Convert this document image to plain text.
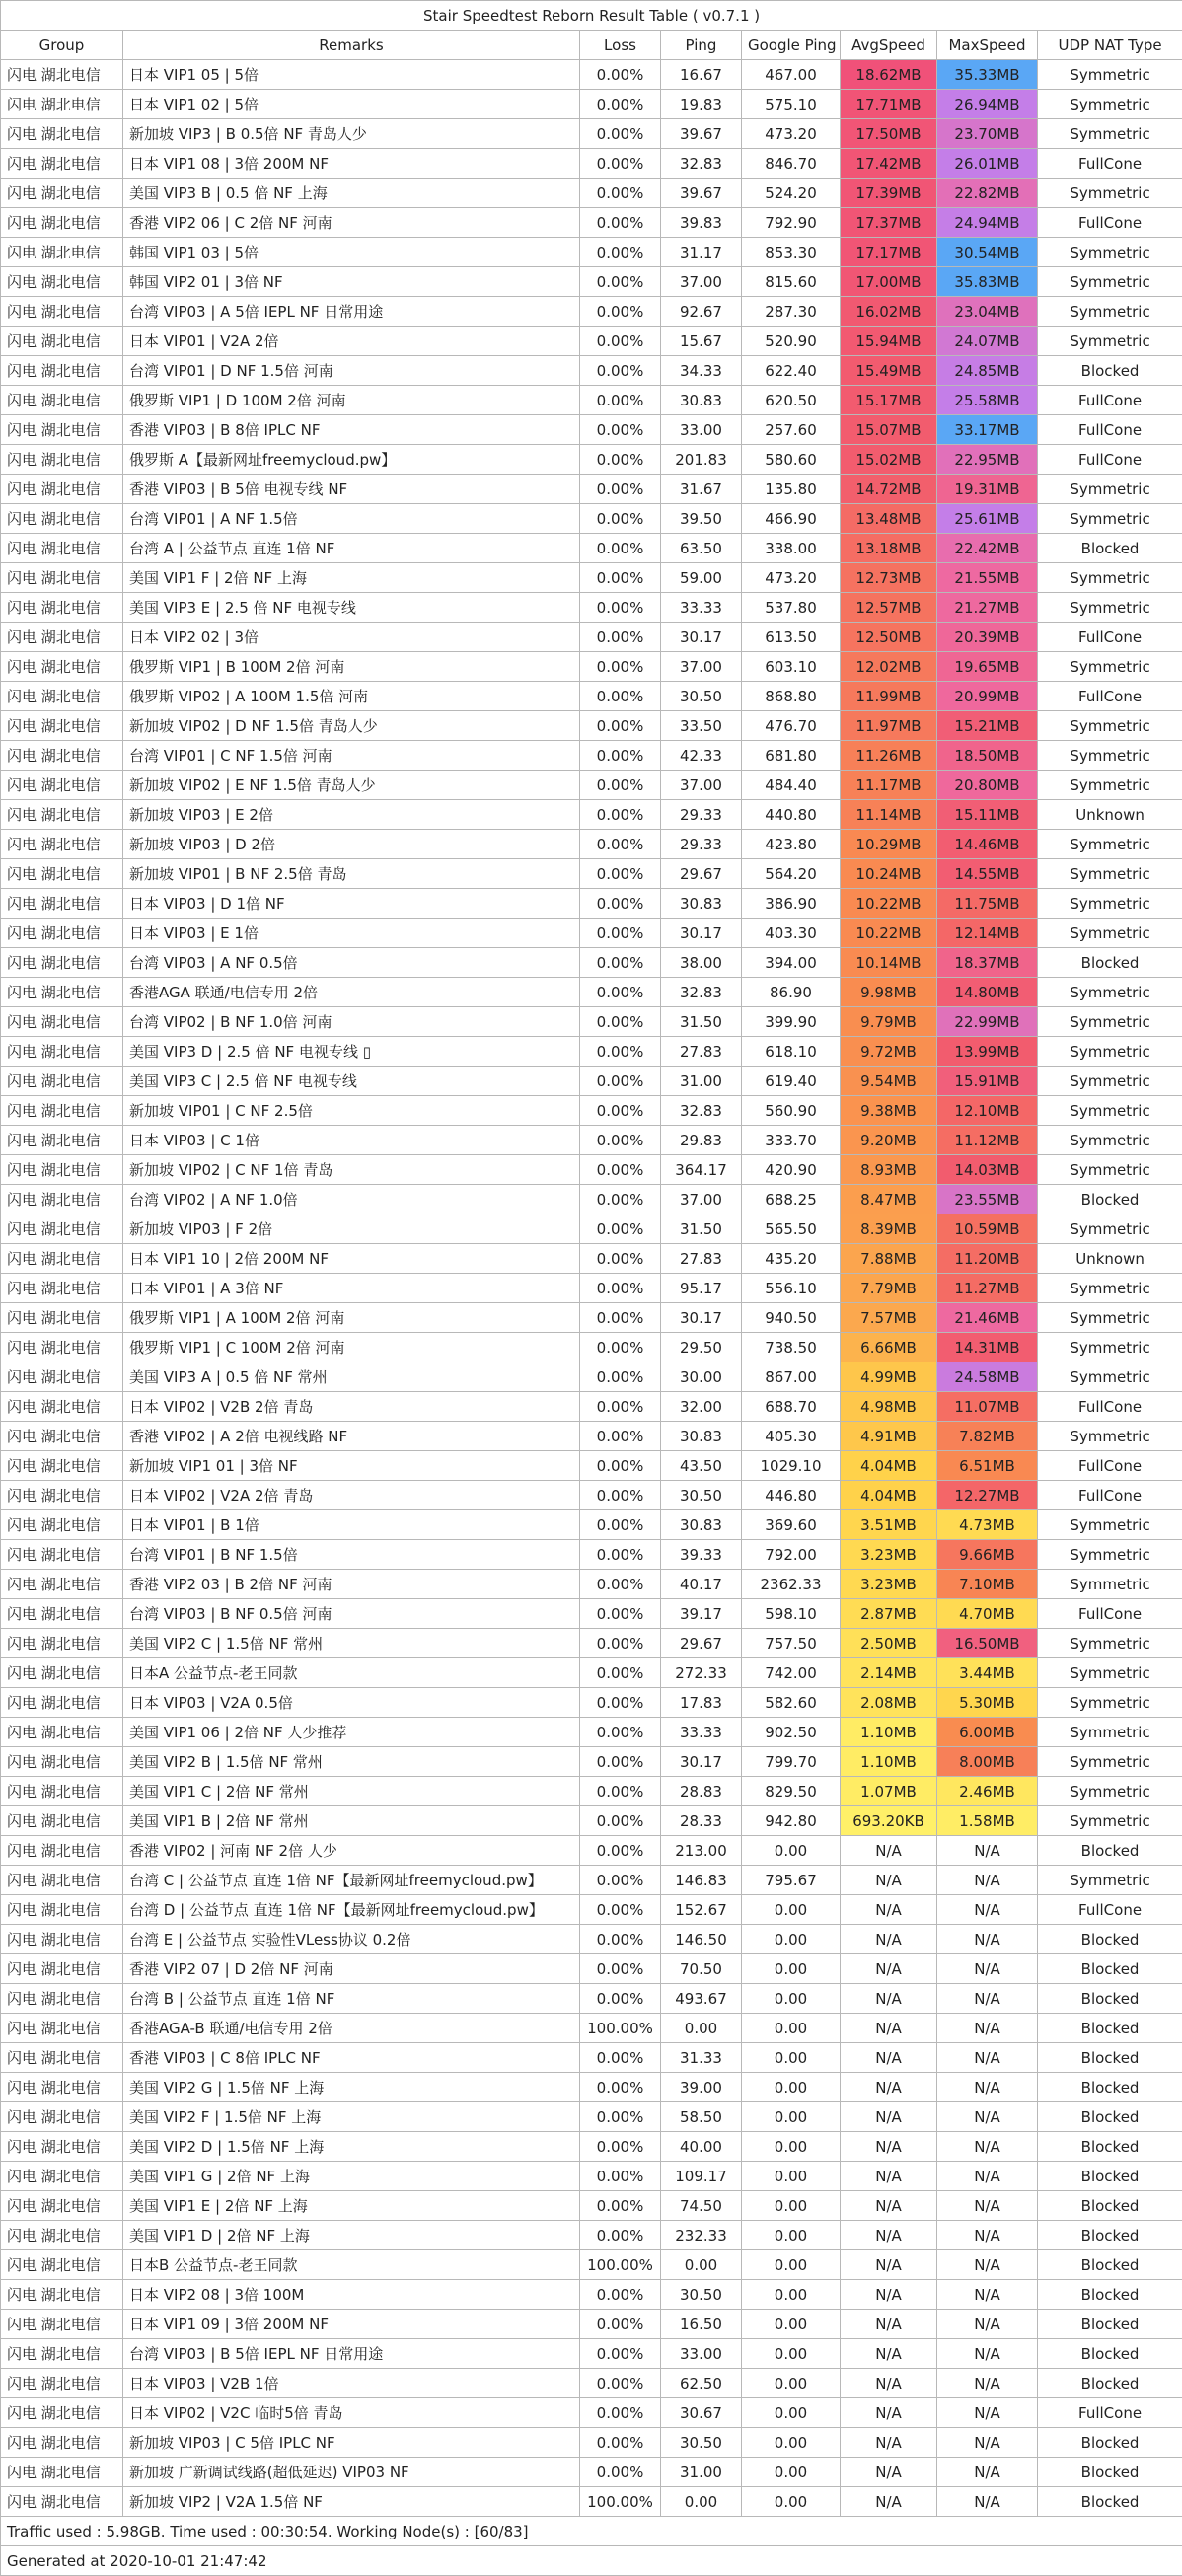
Stair Speedtest Reborn Result Table ( v0.7.1 )							
Group	Remarks	Loss	Ping	Google Ping	AvgSpeed	MaxSpeed	UDP NAT Type
闪电 湖北电信	日本 VIP1 05 | 5倍	0.00%	16.67	467.00	18.62MB	35.33MB	Symmetric
闪电 湖北电信	日本 VIP1 02 | 5倍	0.00%	19.83	575.10	17.71MB	26.94MB	Symmetric
闪电 湖北电信	新加坡 VIP3 | B 0.5倍 NF 青岛人少	0.00%	39.67	473.20	17.50MB	23.70MB	Symmetric
闪电 湖北电信	日本 VIP1 08 | 3倍 200M NF	0.00%	32.83	846.70	17.42MB	26.01MB	FullCone
闪电 湖北电信	美国 VIP3 B | 0.5 倍 NF 上海	0.00%	39.67	524.20	17.39MB	22.82MB	Symmetric
闪电 湖北电信	香港 VIP2 06 | C 2倍 NF 河南	0.00%	39.83	792.90	17.37MB	24.94MB	FullCone
闪电 湖北电信	韩国 VIP1 03 | 5倍	0.00%	31.17	853.30	17.17MB	30.54MB	Symmetric
闪电 湖北电信	韩国 VIP2 01 | 3倍 NF	0.00%	37.00	815.60	17.00MB	35.83MB	Symmetric
闪电 湖北电信	台湾 VIP03 | A 5倍 IEPL NF 日常用途	0.00%	92.67	287.30	16.02MB	23.04MB	Symmetric
闪电 湖北电信	日本 VIP01 | V2A 2倍	0.00%	15.67	520.90	15.94MB	24.07MB	Symmetric
闪电 湖北电信	台湾 VIP01 | D NF 1.5倍 河南	0.00%	34.33	622.40	15.49MB	24.85MB	Blocked
闪电 湖北电信	俄罗斯 VIP1 | D 100M 2倍 河南	0.00%	30.83	620.50	15.17MB	25.58MB	FullCone
闪电 湖北电信	香港 VIP03 | B 8倍 IPLC NF	0.00%	33.00	257.60	15.07MB	33.17MB	FullCone
闪电 湖北电信	俄罗斯 A【最新网址freemycloud.pw】	0.00%	201.83	580.60	15.02MB	22.95MB	FullCone
闪电 湖北电信	香港 VIP03 | B 5倍 电视专线 NF	0.00%	31.67	135.80	14.72MB	19.31MB	Symmetric
闪电 湖北电信	台湾 VIP01 | A NF 1.5倍	0.00%	39.50	466.90	13.48MB	25.61MB	Symmetric
闪电 湖北电信	台湾 A | 公益节点 直连 1倍 NF	0.00%	63.50	338.00	13.18MB	22.42MB	Blocked
闪电 湖北电信	美国 VIP1 F | 2倍 NF 上海	0.00%	59.00	473.20	12.73MB	21.55MB	Symmetric
闪电 湖北电信	美国 VIP3 E | 2.5 倍 NF 电视专线	0.00%	33.33	537.80	12.57MB	21.27MB	Symmetric
闪电 湖北电信	日本 VIP2 02 | 3倍	0.00%	30.17	613.50	12.50MB	20.39MB	FullCone
闪电 湖北电信	俄罗斯 VIP1 | B 100M 2倍 河南	0.00%	37.00	603.10	12.02MB	19.65MB	Symmetric
闪电 湖北电信	俄罗斯 VIP02 | A 100M 1.5倍 河南	0.00%	30.50	868.80	11.99MB	20.99MB	FullCone
闪电 湖北电信	新加坡 VIP02 | D NF 1.5倍 青岛人少	0.00%	33.50	476.70	11.97MB	15.21MB	Symmetric
闪电 湖北电信	台湾 VIP01 | C NF 1.5倍 河南	0.00%	42.33	681.80	11.26MB	18.50MB	Symmetric
闪电 湖北电信	新加坡 VIP02 | E NF 1.5倍 青岛人少	0.00%	37.00	484.40	11.17MB	20.80MB	Symmetric
闪电 湖北电信	新加坡 VIP03 | E 2倍	0.00%	29.33	440.80	11.14MB	15.11MB	Unknown
闪电 湖北电信	新加坡 VIP03 | D 2倍	0.00%	29.33	423.80	10.29MB	14.46MB	Symmetric
闪电 湖北电信	新加坡 VIP01 | B NF 2.5倍 青岛	0.00%	29.67	564.20	10.24MB	14.55MB	Symmetric
闪电 湖北电信	日本 VIP03 | D 1倍 NF	0.00%	30.83	386.90	10.22MB	11.75MB	Symmetric
闪电 湖北电信	日本 VIP03 | E 1倍	0.00%	30.17	403.30	10.22MB	12.14MB	Symmetric
闪电 湖北电信	台湾 VIP03 | A NF 0.5倍	0.00%	38.00	394.00	10.14MB	18.37MB	Blocked
闪电 湖北电信	香港AGA 联通/电信专用 2倍	0.00%	32.83	86.90	9.98MB	14.80MB	Symmetric
闪电 湖北电信	台湾 VIP02 | B NF 1.0倍 河南	0.00%	31.50	399.90	9.79MB	22.99MB	Symmetric
闪电 湖北电信	美国 VIP3 D | 2.5 倍 NF 电视专线 ▯	0.00%	27.83	618.10	9.72MB	13.99MB	Symmetric
闪电 湖北电信	美国 VIP3 C | 2.5 倍 NF 电视专线	0.00%	31.00	619.40	9.54MB	15.91MB	Symmetric
闪电 湖北电信	新加坡 VIP01 | C NF 2.5倍	0.00%	32.83	560.90	9.38MB	12.10MB	Symmetric
闪电 湖北电信	日本 VIP03 | C 1倍	0.00%	29.83	333.70	9.20MB	11.12MB	Symmetric
闪电 湖北电信	新加坡 VIP02 | C NF 1倍 青岛	0.00%	364.17	420.90	8.93MB	14.03MB	Symmetric
闪电 湖北电信	台湾 VIP02 | A NF 1.0倍	0.00%	37.00	688.25	8.47MB	23.55MB	Blocked
闪电 湖北电信	新加坡 VIP03 | F 2倍	0.00%	31.50	565.50	8.39MB	10.59MB	Symmetric
闪电 湖北电信	日本 VIP1 10 | 2倍 200M NF	0.00%	27.83	435.20	7.88MB	11.20MB	Unknown
闪电 湖北电信	日本 VIP01 | A 3倍 NF	0.00%	95.17	556.10	7.79MB	11.27MB	Symmetric
闪电 湖北电信	俄罗斯 VIP1 | A 100M 2倍 河南	0.00%	30.17	940.50	7.57MB	21.46MB	Symmetric
闪电 湖北电信	俄罗斯 VIP1 | C 100M 2倍 河南	0.00%	29.50	738.50	6.66MB	14.31MB	Symmetric
闪电 湖北电信	美国 VIP3 A | 0.5 倍 NF 常州	0.00%	30.00	867.00	4.99MB	24.58MB	Symmetric
闪电 湖北电信	日本 VIP02 | V2B 2倍 青岛	0.00%	32.00	688.70	4.98MB	11.07MB	FullCone
闪电 湖北电信	香港 VIP02 | A 2倍 电视线路 NF	0.00%	30.83	405.30	4.91MB	7.82MB	Symmetric
闪电 湖北电信	新加坡 VIP1 01 | 3倍 NF	0.00%	43.50	1029.10	4.04MB	6.51MB	FullCone
闪电 湖北电信	日本 VIP02 | V2A 2倍 青岛	0.00%	30.50	446.80	4.04MB	12.27MB	FullCone
闪电 湖北电信	日本 VIP01 | B 1倍	0.00%	30.83	369.60	3.51MB	4.73MB	Symmetric
闪电 湖北电信	台湾 VIP01 | B NF 1.5倍	0.00%	39.33	792.00	3.23MB	9.66MB	Symmetric
闪电 湖北电信	香港 VIP2 03 | B 2倍 NF 河南	0.00%	40.17	2362.33	3.23MB	7.10MB	Symmetric
闪电 湖北电信	台湾 VIP03 | B NF 0.5倍 河南	0.00%	39.17	598.10	2.87MB	4.70MB	FullCone
闪电 湖北电信	美国 VIP2 C | 1.5倍 NF 常州	0.00%	29.67	757.50	2.50MB	16.50MB	Symmetric
闪电 湖北电信	日本A 公益节点-老王同款	0.00%	272.33	742.00	2.14MB	3.44MB	Symmetric
闪电 湖北电信	日本 VIP03 | V2A 0.5倍	0.00%	17.83	582.60	2.08MB	5.30MB	Symmetric
闪电 湖北电信	美国 VIP1 06 | 2倍 NF 人少推荐	0.00%	33.33	902.50	1.10MB	6.00MB	Symmetric
闪电 湖北电信	美国 VIP2 B | 1.5倍 NF 常州	0.00%	30.17	799.70	1.10MB	8.00MB	Symmetric
闪电 湖北电信	美国 VIP1 C | 2倍 NF 常州	0.00%	28.83	829.50	1.07MB	2.46MB	Symmetric
闪电 湖北电信	美国 VIP1 B | 2倍 NF 常州	0.00%	28.33	942.80	693.20KB	1.58MB	Symmetric
闪电 湖北电信	香港 VIP02 | 河南 NF 2倍 人少	0.00%	213.00	0.00	N/A	N/A	Blocked
闪电 湖北电信	台湾 C | 公益节点 直连 1倍 NF【最新网址freemycloud.pw】	0.00%	146.83	795.67	N/A	N/A	Symmetric
闪电 湖北电信	台湾 D | 公益节点 直连 1倍 NF【最新网址freemycloud.pw】	0.00%	152.67	0.00	N/A	N/A	FullCone
闪电 湖北电信	台湾 E | 公益节点 实验性VLess协议 0.2倍	0.00%	146.50	0.00	N/A	N/A	Blocked
闪电 湖北电信	香港 VIP2 07 | D 2倍 NF 河南	0.00%	70.50	0.00	N/A	N/A	Blocked
闪电 湖北电信	台湾 B | 公益节点 直连 1倍 NF	0.00%	493.67	0.00	N/A	N/A	Blocked
闪电 湖北电信	香港AGA-B 联通/电信专用 2倍	100.00%	0.00	0.00	N/A	N/A	Blocked
闪电 湖北电信	香港 VIP03 | C 8倍 IPLC NF	0.00%	31.33	0.00	N/A	N/A	Blocked
闪电 湖北电信	美国 VIP2 G | 1.5倍 NF 上海	0.00%	39.00	0.00	N/A	N/A	Blocked
闪电 湖北电信	美国 VIP2 F | 1.5倍 NF 上海	0.00%	58.50	0.00	N/A	N/A	Blocked
闪电 湖北电信	美国 VIP2 D | 1.5倍 NF 上海	0.00%	40.00	0.00	N/A	N/A	Blocked
闪电 湖北电信	美国 VIP1 G | 2倍 NF 上海	0.00%	109.17	0.00	N/A	N/A	Blocked
闪电 湖北电信	美国 VIP1 E | 2倍 NF 上海	0.00%	74.50	0.00	N/A	N/A	Blocked
闪电 湖北电信	美国 VIP1 D | 2倍 NF 上海	0.00%	232.33	0.00	N/A	N/A	Blocked
闪电 湖北电信	日本B 公益节点-老王同款	100.00%	0.00	0.00	N/A	N/A	Blocked
闪电 湖北电信	日本 VIP2 08 | 3倍 100M	0.00%	30.50	0.00	N/A	N/A	Blocked
闪电 湖北电信	日本 VIP1 09 | 3倍 200M NF	0.00%	16.50	0.00	N/A	N/A	Blocked
闪电 湖北电信	台湾 VIP03 | B 5倍 IEPL NF 日常用途	0.00%	33.00	0.00	N/A	N/A	Blocked
闪电 湖北电信	日本 VIP03 | V2B 1倍	0.00%	62.50	0.00	N/A	N/A	Blocked
闪电 湖北电信	日本 VIP02 | V2C 临时5倍 青岛	0.00%	30.67	0.00	N/A	N/A	FullCone
闪电 湖北电信	新加坡 VIP03 | C 5倍 IPLC NF	0.00%	30.50	0.00	N/A	N/A	Blocked
闪电 湖北电信	新加坡 广新调试线路(超低延迟) VIP03 NF	0.00%	31.00	0.00	N/A	N/A	Blocked
闪电 湖北电信	新加坡 VIP2 | V2A 1.5倍 NF	100.00%	0.00	0.00	N/A	N/A	Blocked
Traffic used : 5.98GB. Time used : 00:30:54. Working Node(s) : [60/83]							
Generated at 2020-10-01 21:47:42							
